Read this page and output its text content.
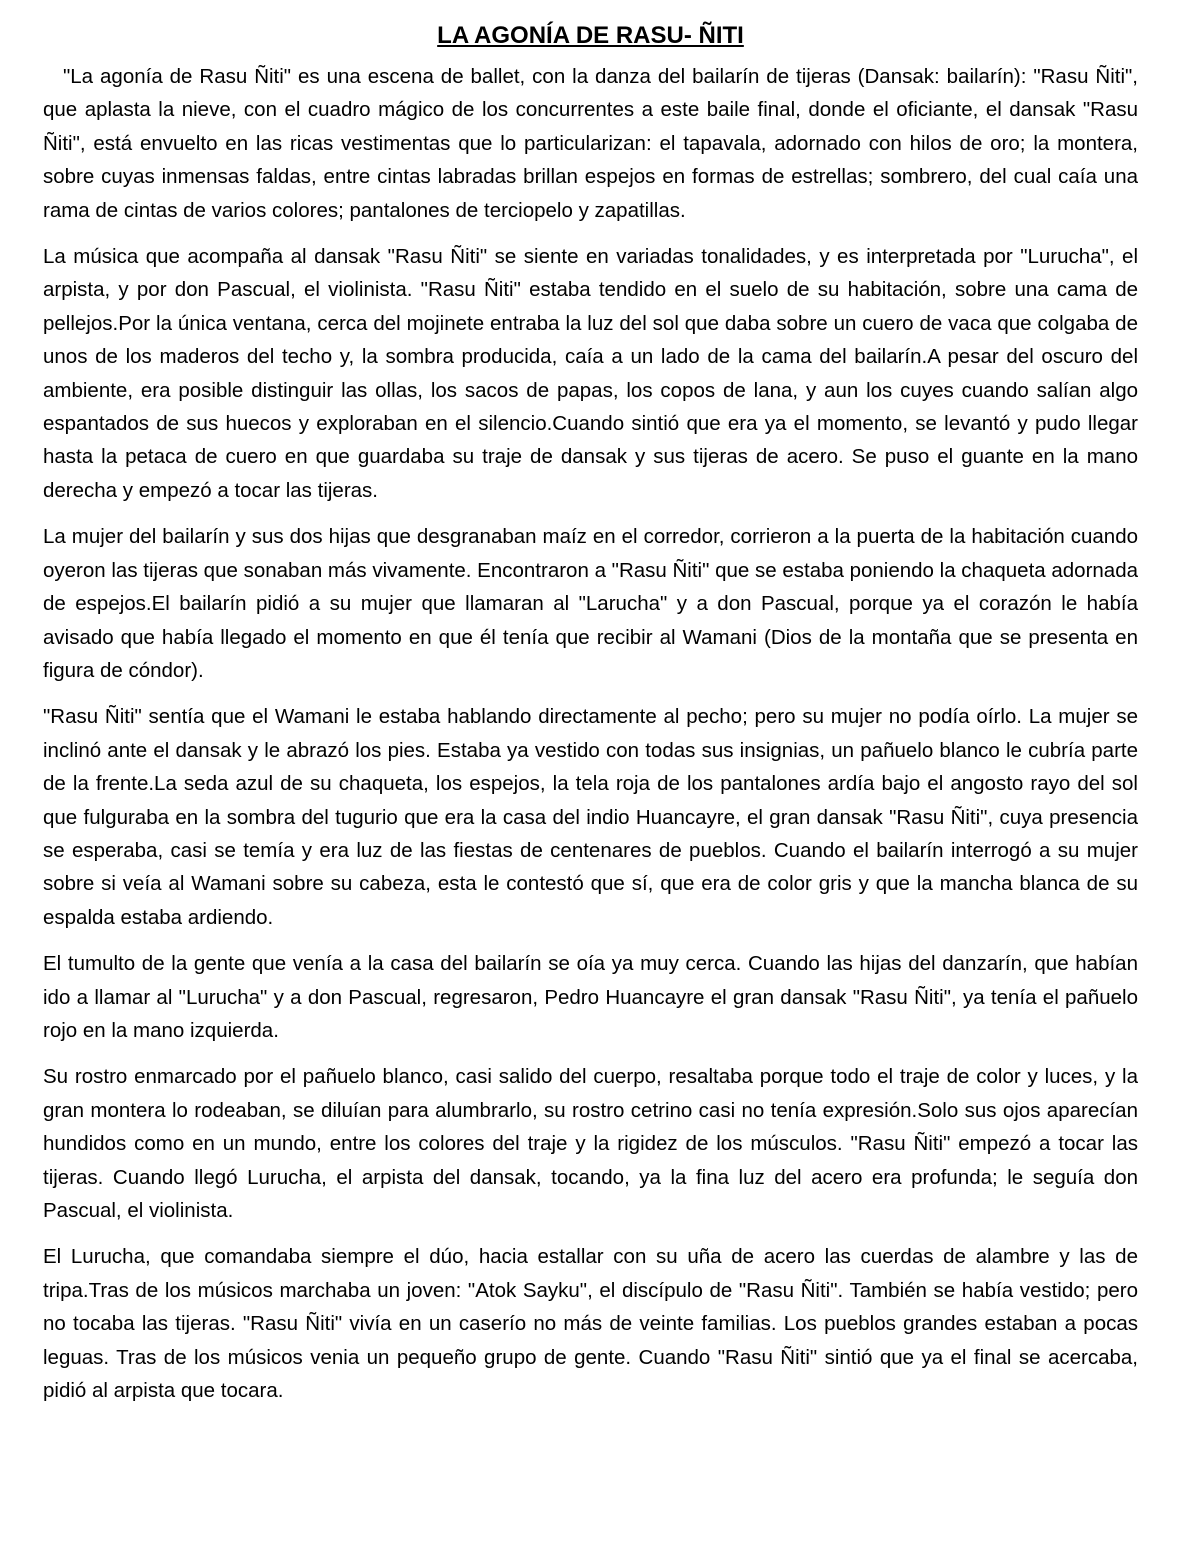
LA AGONÍA DE RASU- ÑITI

"La agonía de Rasu Ñiti" es una escena de ballet, con la danza del bailarín de tijeras (Dansak: bailarín): "Rasu Ñiti", que aplasta la nieve, con el cuadro mágico de los concurrentes a este baile final, donde el oficiante, el dansak "Rasu Ñiti", está envuelto en las ricas vestimentas que lo particularizan: el tapavala, adornado con hilos de oro; la montera, sobre cuyas inmensas faldas, entre cintas labradas brillan espejos en formas de estrellas; sombrero, del cual caía una rama de cintas de varios colores; pantalones de terciopelo y zapatillas.

La música que acompaña al dansak "Rasu Ñiti" se siente en variadas tonalidades, y es interpretada por "Lurucha", el arpista, y por don Pascual, el violinista. "Rasu Ñiti" estaba tendido en el suelo de su habitación, sobre una cama de pellejos.Por la única ventana, cerca del mojinete entraba la luz del sol que daba sobre un cuero de vaca que colgaba de unos de los maderos del techo y, la sombra producida, caía a un lado de la cama del bailarín.A pesar del oscuro del ambiente, era posible distinguir las ollas, los sacos de papas, los copos de lana, y aun los cuyes cuando salían algo espantados de sus huecos y exploraban en el silencio.Cuando sintió que era ya el momento, se levantó y pudo llegar hasta la petaca de cuero en que guardaba su traje de dansak y sus tijeras de acero. Se puso el guante en la mano derecha y empezó a tocar las tijeras.

La mujer del bailarín y sus dos hijas que desgranaban maíz en el corredor, corrieron a la puerta de la habitación cuando oyeron las tijeras que sonaban más vivamente. Encontraron a "Rasu Ñiti" que se estaba poniendo la chaqueta adornada de espejos.El bailarín pidió a su mujer que llamaran al "Larucha" y a don Pascual, porque ya el corazón le había avisado que había llegado el momento en que él tenía que recibir al Wamani (Dios de la montaña que se presenta en figura de cóndor).

"Rasu Ñiti" sentía que el Wamani le estaba hablando directamente al pecho; pero su mujer no podía oírlo. La mujer se inclinó ante el dansak y le abrazó los pies. Estaba ya vestido con todas sus insignias, un pañuelo blanco le cubría parte de la frente.La seda azul de su chaqueta, los espejos, la tela roja de los pantalones ardía bajo el angosto rayo del sol que fulguraba en la sombra del tugurio que era la casa del indio Huancayre, el gran dansak "Rasu Ñiti", cuya presencia se esperaba, casi se temía y era luz de las fiestas de centenares de pueblos. Cuando el bailarín interrogó a su mujer sobre si veía al Wamani sobre su cabeza, esta le contestó que sí, que era de color gris y que la mancha blanca de su espalda estaba ardiendo.

El tumulto de la gente que venía a la casa del bailarín se oía ya muy cerca. Cuando las hijas del danzarín, que habían ido a llamar al "Lurucha" y a don Pascual, regresaron, Pedro Huancayre el gran dansak "Rasu Ñiti", ya tenía el pañuelo rojo en la mano izquierda.

Su rostro enmarcado por el pañuelo blanco, casi salido del cuerpo, resaltaba porque todo el traje de color y luces, y la gran montera lo rodeaban, se diluían para alumbrarlo, su rostro cetrino casi no tenía expresión.Solo sus ojos aparecían hundidos como en un mundo, entre los colores del traje y la rigidez de los músculos. "Rasu Ñiti" empezó a tocar las tijeras. Cuando llegó Lurucha, el arpista del dansak, tocando, ya la fina luz del acero era profunda; le seguía don Pascual, el violinista.

El Lurucha, que comandaba siempre el dúo, hacia estallar con su uña de acero las cuerdas de alambre y las de tripa.Tras de los músicos marchaba un joven: "Atok Sayku", el discípulo de "Rasu Ñiti". También se había vestido; pero no tocaba las tijeras. "Rasu Ñiti" vivía en un caserío no más de veinte familias. Los pueblos grandes estaban a pocas leguas. Tras de los músicos venia un pequeño grupo de gente. Cuando "Rasu Ñiti" sintió que ya el final se acercaba, pidió al arpista que tocara.
